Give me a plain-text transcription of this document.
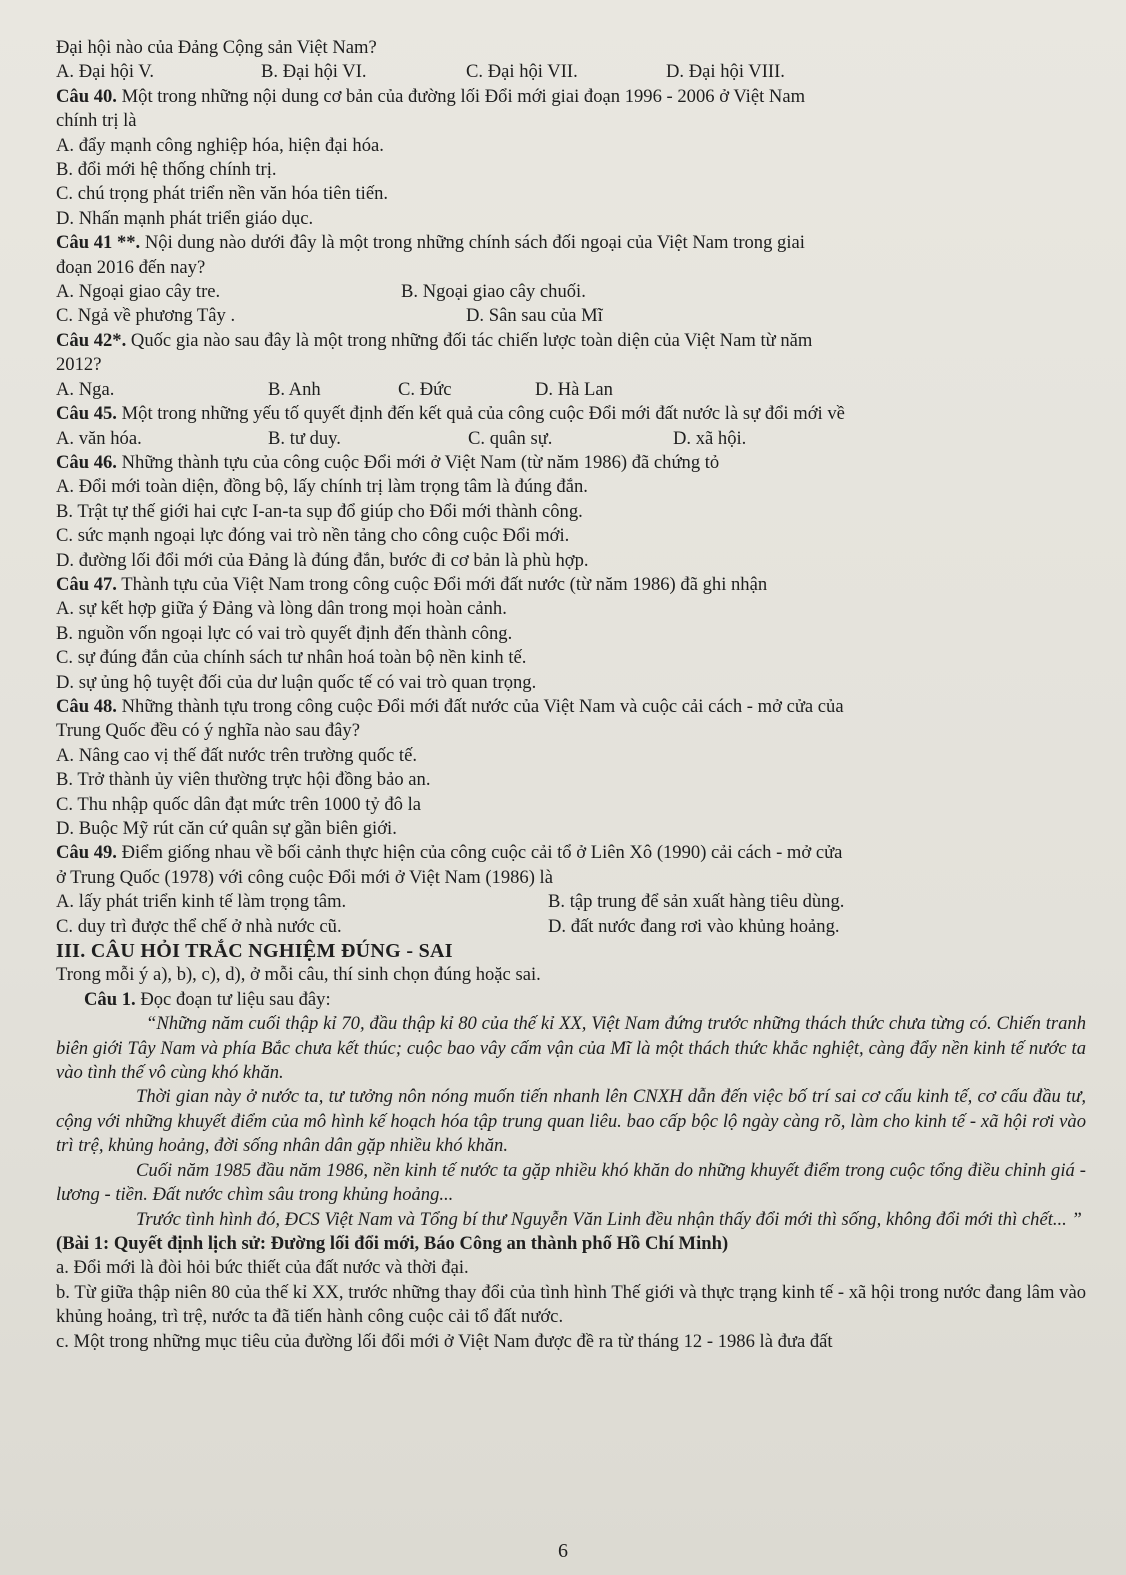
Đại hội nào của Đảng Cộng sản Việt Nam?
A. Đại hội V.	B. Đại hội VI.	C. Đại hội VII.	D. Đại hội VIII.
Câu 40. Một trong những nội dung cơ bản của đường lối Đổi mới giai đoạn 1996 - 2006 ở Việt Nam
chính trị là
A. đẩy mạnh công nghiệp hóa, hiện đại hóa.
B. đổi mới hệ thống chính trị.
C. chú trọng phát triển nền văn hóa tiên tiến.
D. Nhấn mạnh phát triển giáo dục.
Câu 41 **. Nội dung nào dưới đây là một trong những chính sách đối ngoại của Việt Nam trong giai
đoạn 2016 đến nay?
A. Ngoại giao cây tre.	B. Ngoại giao cây chuối.
C. Ngả về phương Tây .	D. Sân sau của Mĩ
Câu 42*. Quốc gia nào sau đây là một trong những đối tác chiến lược toàn diện của Việt Nam từ năm
2012?
A. Nga.	B. Anh	C. Đức	D. Hà Lan
Câu 45. Một trong những yếu tố quyết định đến kết quả của công cuộc Đổi mới đất nước là sự đổi mới về
A. văn hóa.	B. tư duy.	C. quân sự.	D. xã hội.
Câu 46. Những thành tựu của công cuộc Đổi mới ở Việt Nam (từ năm 1986) đã chứng tỏ
A. Đổi mới toàn diện, đồng bộ, lấy chính trị làm trọng tâm là đúng đắn.
B. Trật tự thế giới hai cực I-an-ta sụp đổ giúp cho Đổi mới thành công.
C. sức mạnh ngoại lực đóng vai trò nền tảng cho công cuộc Đổi mới.
D. đường lối đổi mới của Đảng là đúng đắn, bước đi cơ bản là phù hợp.
Câu 47. Thành tựu của Việt Nam trong công cuộc Đổi mới đất nước (từ năm 1986) đã ghi nhận
A. sự kết hợp giữa ý Đảng và lòng dân trong mọi hoàn cảnh.
B. nguồn vốn ngoại lực có vai trò quyết định đến thành công.
C. sự đúng đắn của chính sách tư nhân hoá toàn bộ nền kinh tế.
D. sự ủng hộ tuyệt đối của dư luận quốc tế có vai trò quan trọng.
Câu 48. Những thành tựu trong công cuộc Đổi mới đất nước của Việt Nam và cuộc cải cách - mở cửa của
Trung Quốc đều có ý nghĩa nào sau đây?
A. Nâng cao vị thế đất nước trên trường quốc tế.
B. Trở thành ủy viên thường trực hội đồng bảo an.
C. Thu nhập quốc dân đạt mức trên 1000 tỷ đô la
D. Buộc Mỹ rút căn cứ quân sự gần biên giới.
Câu 49. Điểm giống nhau về bối cảnh thực hiện của công cuộc cải tổ ở Liên Xô (1990) cải cách - mở cửa
ở Trung Quốc (1978) với công cuộc Đổi mới ở Việt Nam (1986) là
A. lấy phát triển kinh tế làm trọng tâm.	B. tập trung để sản xuất hàng tiêu dùng.
C. duy trì được thể chế ở nhà nước cũ.	D. đất nước đang rơi vào khủng hoảng.
III. CÂU HỎI TRẮC NGHIỆM ĐÚNG - SAI
Trong mỗi ý a), b), c), d), ở mỗi câu, thí sinh chọn đúng hoặc sai.
Câu 1. Đọc đoạn tư liệu sau đây:
“Những năm cuối thập kỉ 70, đầu thập kỉ 80 của thế kỉ XX, Việt Nam đứng trước những thách thức chưa từng có. Chiến tranh biên giới Tây Nam và phía Bắc chưa kết thúc; cuộc bao vây cấm vận của Mĩ là một thách thức khắc nghiệt, càng đẩy nền kinh tế nước ta vào tình thế vô cùng khó khăn.
Thời gian này ở nước ta, tư tưởng nôn nóng muốn tiến nhanh lên CNXH dẫn đến việc bố trí sai cơ cấu kinh tế, cơ cấu đầu tư, cộng với những khuyết điểm của mô hình kế hoạch hóa tập trung quan liêu. bao cấp bộc lộ ngày càng rõ, làm cho kinh tế - xã hội rơi vào trì trệ, khủng hoảng, đời sống nhân dân gặp nhiều khó khăn.
Cuối năm 1985 đầu năm 1986, nền kinh tế nước ta gặp nhiều khó khăn do những khuyết điểm trong cuộc tổng điều chỉnh giá - lương - tiền. Đất nước chìm sâu trong khủng hoảng...
Trước tình hình đó, ĐCS Việt Nam và Tổng bí thư Nguyễn Văn Linh đều nhận thấy đổi mới thì sống, không đổi mới thì chết... ”
(Bài 1: Quyết định lịch sử: Đường lối đổi mới, Báo Công an thành phố Hồ Chí Minh)
a. Đổi mới là đòi hỏi bức thiết của đất nước và thời đại.
b. Từ giữa thập niên 80 của thế kỉ XX, trước những thay đổi của tình hình Thế giới và thực trạng kinh tế - xã hội trong nước đang lâm vào khủng hoảng, trì trệ, nước ta đã tiến hành công cuộc cải tổ đất nước.
c. Một trong những mục tiêu của đường lối đổi mới ở Việt Nam được đề ra từ tháng 12 - 1986 là đưa đất
6
